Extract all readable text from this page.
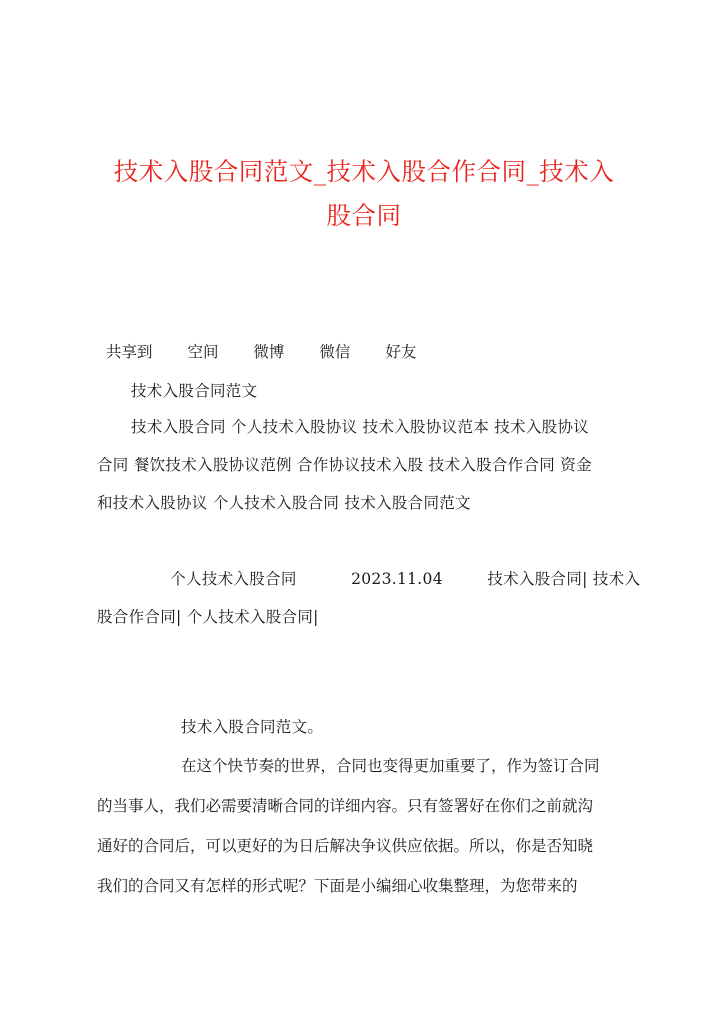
技术入股合同范文_技术入股合作合同_技术入
股合同
共享到 空间 微博 微信 好友
技术入股合同范文
技术入股合同 个人技术入股协议 技术入股协议范本 技术入股协议
合同 餐饮技术入股协议范例 合作协议技术入股 技术入股合作合同 资金
和技术入股协议 个人技术入股合同 技术入股合同范文
个人技术入股合同	2023.11.04	技术入股合同| 技术入
股合作合同| 个人技术入股合同|
技术入股合同范文。
在这个快节奏的世界，合同也变得更加重要了，作为签订合同
的当事人，我们必需要清晰合同的详细内容。只有签署好在你们之前就沟
通好的合同后，可以更好的为日后解决争议供应依据。所以，你是否知晓
我们的合同又有怎样的形式呢？下面是小编细心收集整理，为您带来的
